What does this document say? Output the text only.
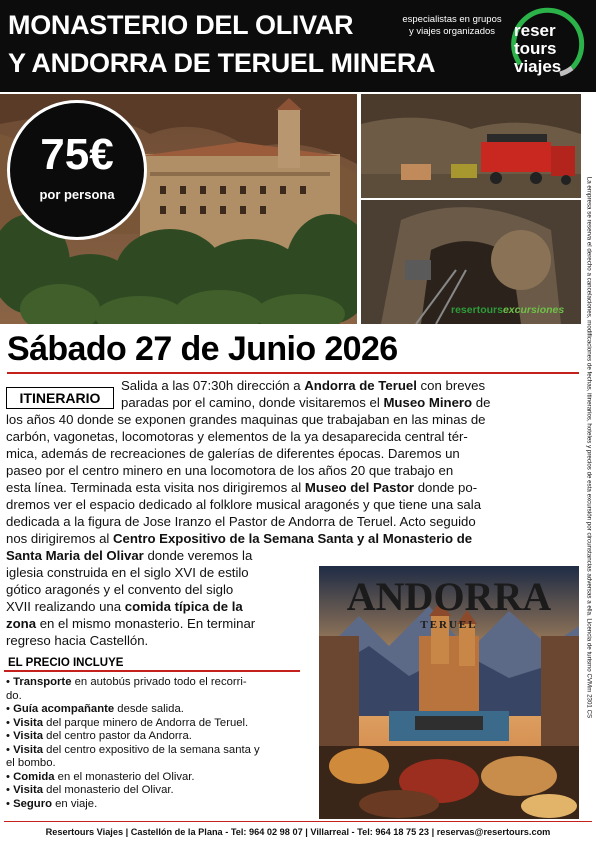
MONASTERIO DEL OLIVAR
Y ANDORRA DE TERUEL MINERA
especialistas en grupos
y viajes organizados	reser
tours
viajes
75€
por persona
resertoursexcursiones	La empresa se reserva el derecho a cancelaciones, modificaciones de fechas, itinerarios, hoteles y precios de esta excursión por circunstancias adversas a ella. Licencia de turismo CVMm 2301 CS
Sábado 27 de Junio 2026
ITINERARIO
Salida a las 07:30h dirección a Andorra de Teruel con breves
paradas por el camino, donde visitaremos el Museo Minero de
los años 40 donde se exponen grandes maquinas que trabajaban en las minas de
carbón, vagonetas, locomotoras y elementos de la ya desaparecida central tér-
mica, además de recreaciones de galerías de diferentes épocas. Daremos un
paseo por el centro minero en una locomotora de los años 20 que trabajo en
esta línea. Terminada esta visita nos dirigiremos al Museo del Pastor donde po-
dremos ver el espacio dedicado al folklore musical aragonés y que tiene una sala
dedicada a la figura de Jose Iranzo el Pastor de Andorra de Teruel. Acto seguido
nos dirigiremos al Centro Expositivo de la Semana Santa y al Monasterio de
Santa Maria del Olivar donde veremos la
iglesia construida en el siglo XVI de estilo
gótico aragonés y el convento del siglo
XVII realizando una comida típica de la
zona en el mismo monasterio. En terminar
regreso hacia Castellón.
ANDORRA
TERUEL
EL PRECIO INCLUYE
• Transporte en autobús privado todo el recorri-
do.
• Guía acompañante desde salida.
• Visita del parque minero de Andorra de Teruel.
• Visita del centro pastor da Andorra.
• Visita del centro expositivo de la semana santa y
el bombo.
• Comida en el monasterio del Olivar.
• Visita del monasterio del Olivar.
• Seguro en viaje.
Resertours Viajes | Castellón de la Plana - Tel: 964 02 98 07 | Villarreal - Tel: 964 18 75 23 | reservas@resertours.com
